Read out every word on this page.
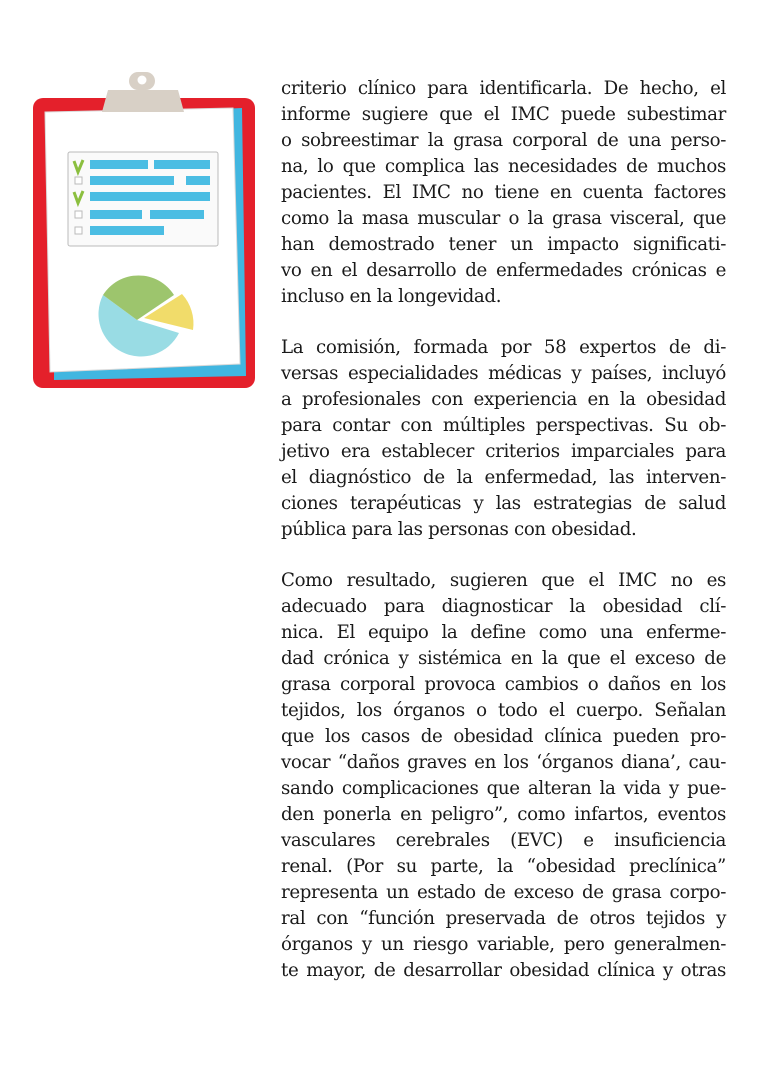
criterio clínico para identificarla. De hecho, el
informe sugiere que el IMC puede subestimar
o sobreestimar la grasa corporal de una perso-
na, lo que complica las necesidades de muchos
pacientes. El IMC no tiene en cuenta factores
como la masa muscular o la grasa visceral, que
han demostrado tener un impacto significati-
vo en el desarrollo de enfermedades crónicas e
incluso en la longevidad.
La comisión, formada por 58 expertos de di-
versas especialidades médicas y países, incluyó
a profesionales con experiencia en la obesidad
para contar con múltiples perspectivas. Su ob-
jetivo era establecer criterios imparciales para
el diagnóstico de la enfermedad, las interven-
ciones terapéuticas y las estrategias de salud
pública para las personas con obesidad.
Como resultado, sugieren que el IMC no es
adecuado para diagnosticar la obesidad clí-
nica. El equipo la define como una enferme-
dad crónica y sistémica en la que el exceso de
grasa corporal provoca cambios o daños en los
tejidos, los órganos o todo el cuerpo. Señalan
que los casos de obesidad clínica pueden pro-
vocar “daños graves en los ‘órganos diana’, cau-
sando complicaciones que alteran la vida y pue-
den ponerla en peligro”, como infartos, eventos
vasculares cerebrales (EVC) e insuficiencia
renal. (Por su parte, la “obesidad preclínica”
representa un estado de exceso de grasa corpo-
ral con “función preservada de otros tejidos y
órganos y un riesgo variable, pero generalmen-
te mayor, de desarrollar obesidad clínica y otras
